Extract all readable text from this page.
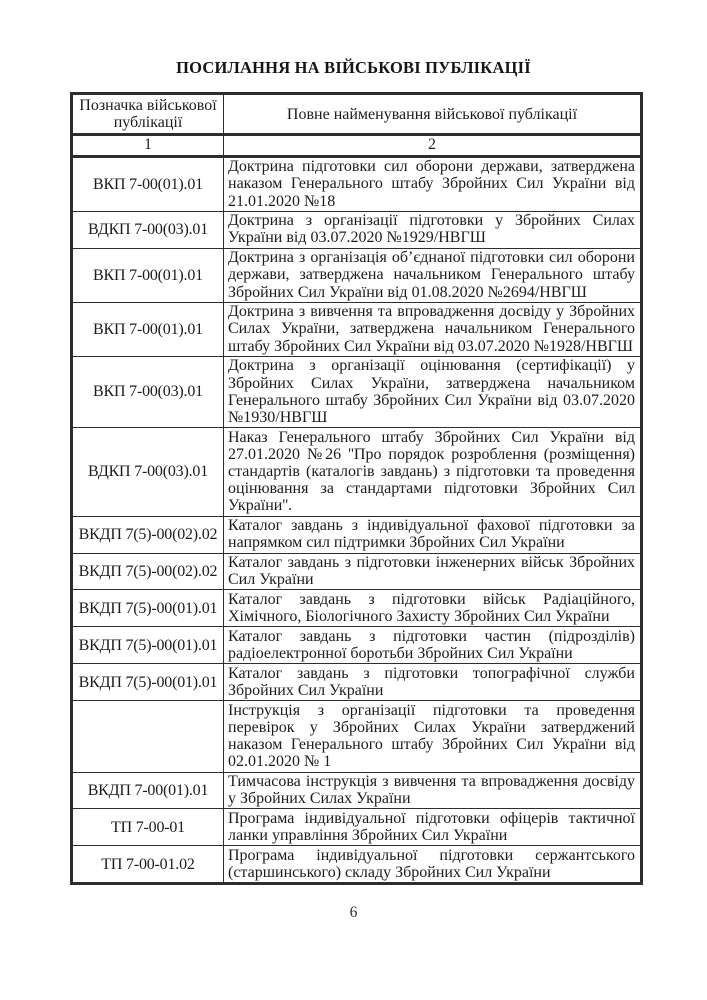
ПОСИЛАННЯ НА ВІЙСЬКОВІ ПУБЛІКАЦІЇ
Позначка військової публікації	Повне найменування військової публікації
1	2
ВКП 7-00(01).01	Доктрина підготовки сил оборони держави, затверджена наказом Генерального штабу Збройних Сил України від 21.01.2020 №18
ВДКП 7-00(03).01	Доктрина з організації підготовки у Збройних Силах України від 03.07.2020 №1929/НВГШ
ВКП 7-00(01).01	Доктрина з організація об’єднаної підготовки сил оборони держави, затверджена начальником Генерального штабу Збройних Сил України від 01.08.2020 №2694/НВГШ
ВКП 7-00(01).01	Доктрина з вивчення та впровадження досвіду у Збройних Силах України, затверджена начальником Генерального штабу Збройних Сил України від 03.07.2020 №1928/НВГШ
ВКП 7-00(03).01	Доктрина з організації оцінювання (сертифікації) у Збройних Силах України, затверджена начальником Генерального штабу Збройних Сил України від 03.07.2020 №1930/НВГШ
ВДКП 7-00(03).01	Наказ Генерального штабу Збройних Сил України від 27.01.2020 №26 ''Про порядок розроблення (розміщення) стандартів (каталогів завдань) з підготовки та проведення оцінювання за стандартами підготовки Збройних Сил України''.
ВКДП 7(5)-00(02).02	Каталог завдань з індивідуальної фахової підготовки за напрямком сил підтримки Збройних Сил України
ВКДП 7(5)-00(02).02	Каталог завдань з підготовки інженерних військ Збройних Сил України
ВКДП 7(5)-00(01).01	Каталог завдань з підготовки військ Радіаційного, Хімічного, Біологічного Захисту Збройних Сил України
ВКДП 7(5)-00(01).01	Каталог завдань з підготовки частин (підрозділів) радіоелектронної боротьби Збройних Сил України
ВКДП 7(5)-00(01).01	Каталог завдань з підготовки топографічної служби Збройних Сил України
	Інструкція з організації підготовки та проведення перевірок у Збройних Силах України затверджений наказом Генерального штабу Збройних Сил України від 02.01.2020 № 1
ВКДП 7-00(01).01	Тимчасова інструкція з вивчення та впровадження досвіду у Збройних Силах України
ТП 7-00-01	Програма індивідуальної підготовки офіцерів тактичної ланки управління Збройних Сил України
ТП 7-00-01.02	Програма індивідуальної підготовки сержантського (старшинського) складу Збройних Сил України
6
